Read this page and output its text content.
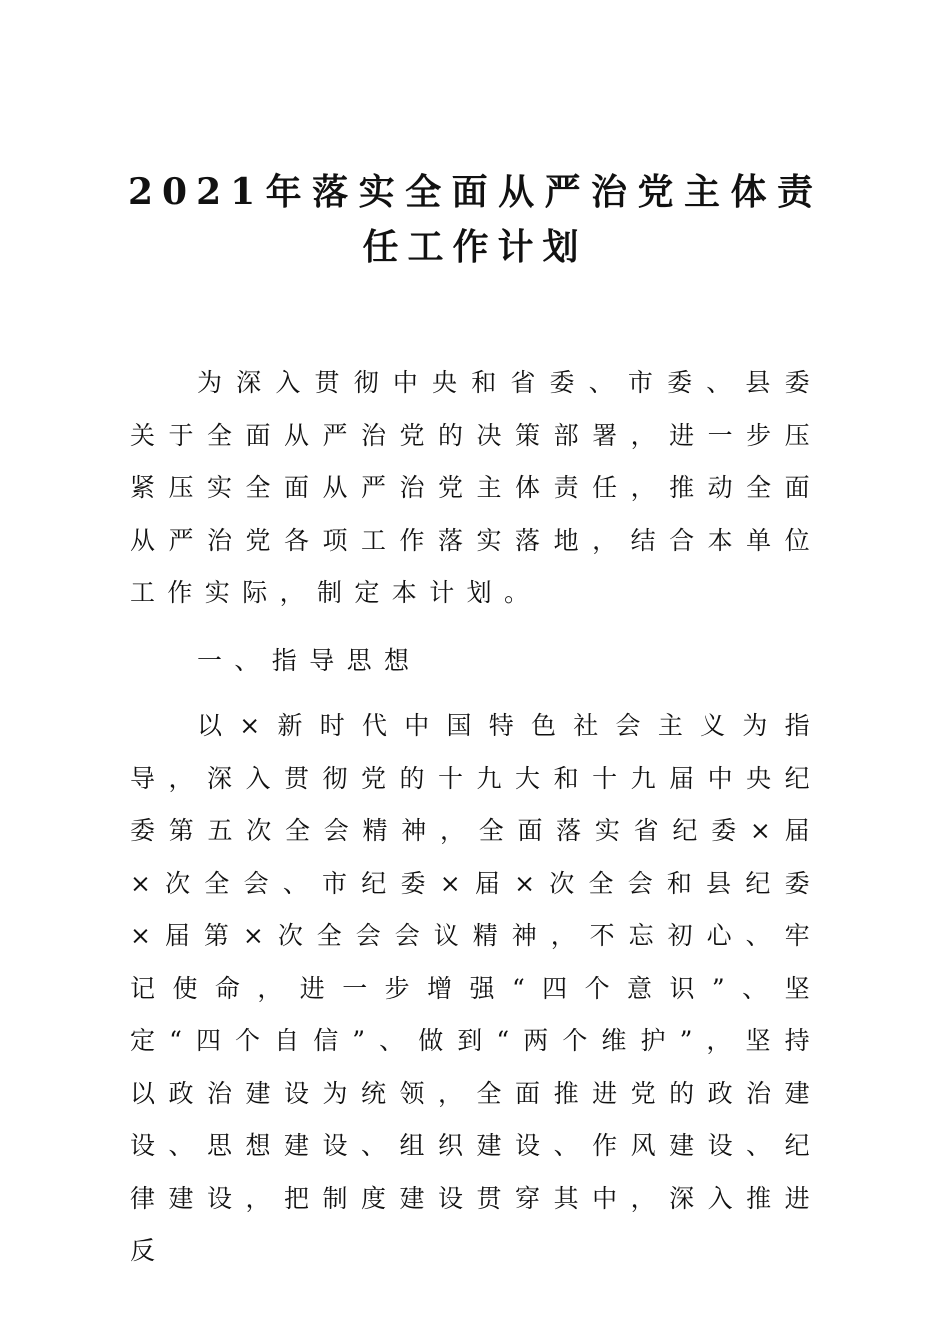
2021年落实全面从严治党主体责任工作计划

为深入贯彻中央和省委、市委、县委关于全面从严治党的决策部署，进一步压紧压实全面从严治党主体责任，推动全面从严治党各项工作落实落地，结合本单位工作实际，制定本计划。

一、指导思想

以×新时代中国特色社会主义为指导，深入贯彻党的十九大和十九届中央纪委第五次全会精神，全面落实省纪委×届×次全会、市纪委×届×次全会和县纪委×届第×次全会会议精神，不忘初心、牢记使命，进一步增强“四个意识”、坚定“四个自信”、做到“两个维护”，坚持以政治建设为统领，全面推进党的政治建设、思想建设、组织建设、作风建设、纪律建设，把制度建设贯穿其中，深入推进反
